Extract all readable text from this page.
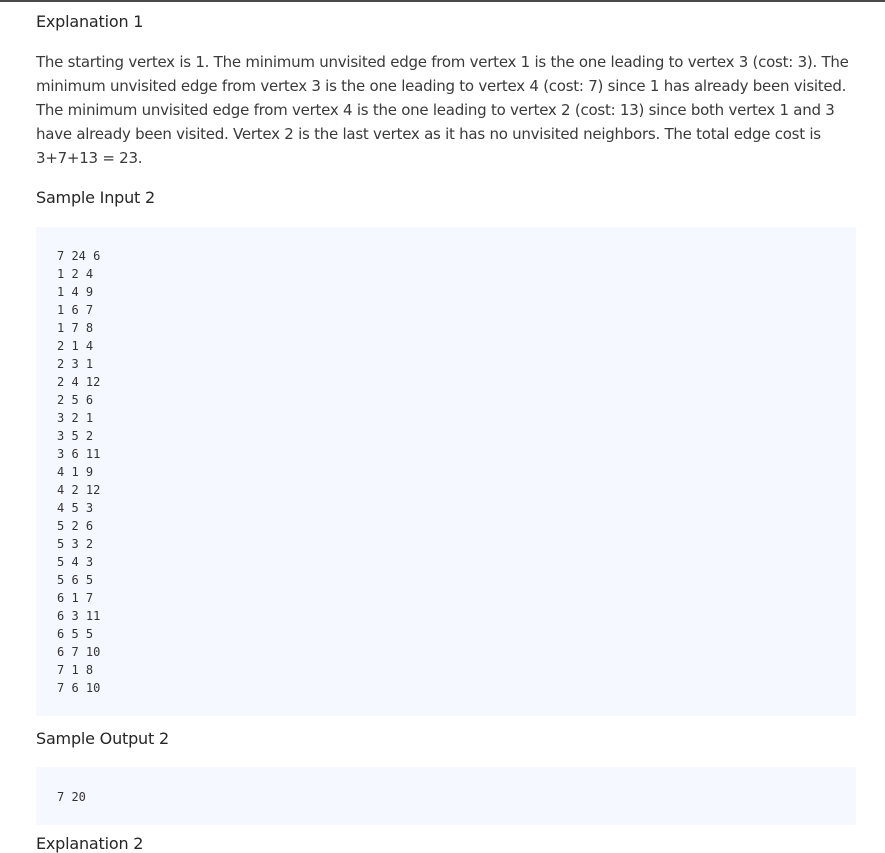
Explanation 1

The starting vertex is 1. The minimum unvisited edge from vertex 1 is the one leading to vertex 3 (cost: 3). The minimum unvisited edge from vertex 3 is the one leading to vertex 4 (cost: 7) since 1 has already been visited. The minimum unvisited edge from vertex 4 is the one leading to vertex 2 (cost: 13) since both vertex 1 and 3 have already been visited. Vertex 2 is the last vertex as it has no unvisited neighbors. The total edge cost is 3+7+13 = 23.

Sample Input 2
7 24 6
1 2 4
1 4 9
1 6 7
1 7 8
2 1 4
2 3 1
2 4 12
2 5 6
3 2 1
3 5 2
3 6 11
4 1 9
4 2 12
4 5 3
5 2 6
5 3 2
5 4 3
5 6 5
6 1 7
6 3 11
6 5 5
6 7 10
7 1 8
7 6 10
Sample Output 2
7 20
Explanation 2
